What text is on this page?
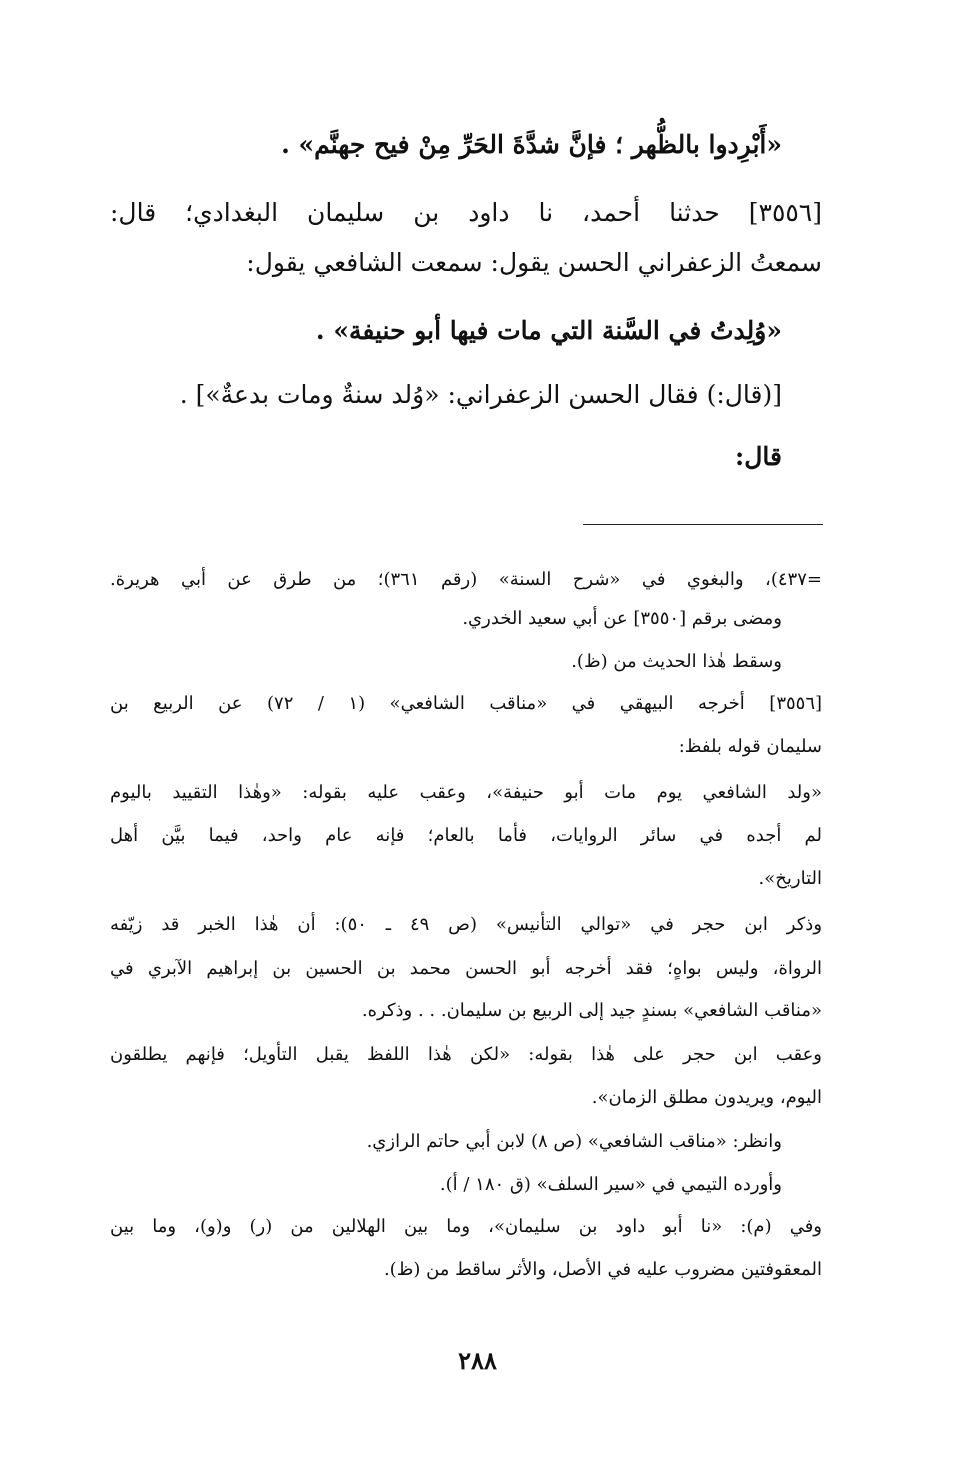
«أَبْرِدوا بالظُّهر ؛ فإنَّ شدَّةَ الحَرِّ مِنْ فيح جهنَّم» .
[٣٥٥٦] حدثنا أحمد، نا داود بن سليمان البغدادي؛ قال:
سمعتُ الزعفراني الحسن يقول: سمعت الشافعي يقول:
«وُلِدتُ في السَّنة التي مات فيها أبو حنيفة» .
[(قال:) فقال الحسن الزعفراني: «وُلد سنةٌ ومات بدعةٌ»] .
قال:
=٤٣٧)، والبغوي في «شرح السنة» (رقم ٣٦١)؛ من طرق عن أبي هريرة.
ومضى برقم [٣٥٥٠] عن أبي سعيد الخدري.
وسقط هٰذا الحديث من (ظ).
[٣٥٥٦] أخرجه البيهقي في «مناقب الشافعي» (١ / ٧٢) عن الربيع بن
سليمان قوله بلفظ:
«ولد الشافعي يوم مات أبو حنيفة»، وعقب عليه بقوله: «وهٰذا التقييد باليوم
لم أجده في سائر الروايات، فأما بالعام؛ فإنه عام واحد، فيما بيَّن أهل
التاريخ».
وذكر ابن حجر في «توالي التأنيس» (ص ٤٩ ـ ٥٠): أن هٰذا الخبر قد زيّفه
الرواة، وليس بواهٍ؛ فقد أخرجه أبو الحسن محمد بن الحسين بن إبراهيم الآبري في
«مناقب الشافعي» بسندٍ جيد إلى الربيع بن سليمان. . . وذكره.
وعقب ابن حجر على هٰذا بقوله: «لكن هٰذا اللفظ يقبل التأويل؛ فإنهم يطلقون
اليوم، ويريدون مطلق الزمان».
وانظر: «مناقب الشافعي» (ص ٨) لابن أبي حاتم الرازي.
وأورده التيمي في «سير السلف» (ق ١٨٠ / أ).
وفي (م): «نا أبو داود بن سليمان»، وما بين الهلالين من (ر) و(و)، وما بين
المعقوفتين مضروب عليه في الأصل، والأثر ساقط من (ظ).
٢٨٨
